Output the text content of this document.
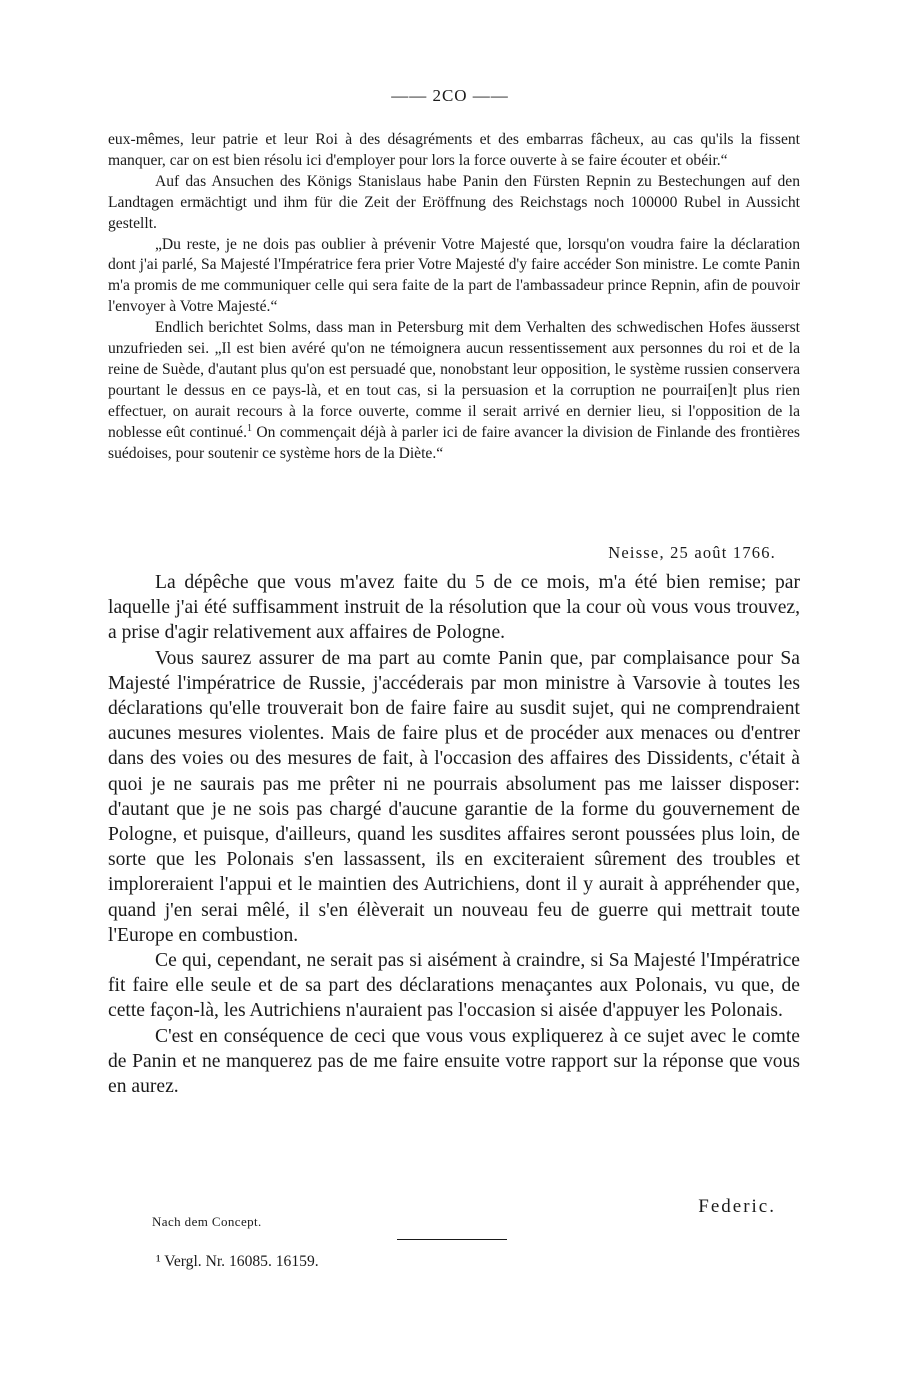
—— 2CO ——

eux-mêmes, leur patrie et leur Roi à des désagréments et des embarras fâcheux, au cas qu'ils la fissent manquer, car on est bien résolu ici d'employer pour lors la force ouverte à se faire écouter et obéir.“

Auf das Ansuchen des Königs Stanislaus habe Panin den Fürsten Repnin zu Bestechungen auf den Landtagen ermächtigt und ihm für die Zeit der Eröffnung des Reichstags noch 100000 Rubel in Aussicht gestellt.

„Du reste, je ne dois pas oublier à prévenir Votre Majesté que, lorsqu'on voudra faire la déclaration dont j'ai parlé, Sa Majesté l'Impératrice fera prier Votre Majesté d'y faire accéder Son ministre. Le comte Panin m'a promis de me communiquer celle qui sera faite de la part de l'ambassadeur prince Repnin, afin de pouvoir l'envoyer à Votre Majesté.“

Endlich berichtet Solms, dass man in Petersburg mit dem Verhalten des schwedischen Hofes äusserst unzufrieden sei. „Il est bien avéré qu'on ne témoignera aucun ressentissement aux personnes du roi et de la reine de Suède, d'autant plus qu'on est persuadé que, nonobstant leur opposition, le système russien conservera pourtant le dessus en ce pays-là, et en tout cas, si la persuasion et la corruption ne pourrai[en]t plus rien effectuer, on aurait recours à la force ouverte, comme il serait arrivé en dernier lieu, si l'opposition de la noblesse eût continué.$^1$ On commençait déjà à parler ici de faire avancer la division de Finlande des frontières suédoises, pour soutenir ce système hors de la Diète.“

Neisse, 25 août 1766.

La dépêche que vous m'avez faite du 5 de ce mois, m'a été bien remise; par laquelle j'ai été suffisamment instruit de la résolution que la cour où vous vous trouvez, a prise d'agir relativement aux affaires de Pologne.

Vous saurez assurer de ma part au comte Panin que, par complaisance pour Sa Majesté l'impératrice de Russie, j'accéderais par mon ministre à Varsovie à toutes les déclarations qu'elle trouverait bon de faire faire au susdit sujet, qui ne comprendraient aucunes mesures violentes. Mais de faire plus et de procéder aux menaces ou d'entrer dans des voies ou des mesures de fait, à l'occasion des affaires des Dissidents, c'était à quoi je ne saurais pas me prêter ni ne pourrais absolument pas me laisser disposer: d'autant que je ne sois pas chargé d'aucune garantie de la forme du gouvernement de Pologne, et puisque, d'ailleurs, quand les susdites affaires seront poussées plus loin, de sorte que les Polonais s'en lassassent, ils en exciteraient sûrement des troubles et imploreraient l'appui et le maintien des Autrichiens, dont il y aurait à appréhender que, quand j'en serai mêlé, il s'en élèverait un nouveau feu de guerre qui mettrait toute l'Europe en combustion.

Ce qui, cependant, ne serait pas si aisément à craindre, si Sa Majesté l'Impératrice fit faire elle seule et de sa part des déclarations menaçantes aux Polonais, vu que, de cette façon-là, les Autrichiens n'auraient pas l'occasion si aisée d'appuyer les Polonais.

C'est en conséquence de ceci que vous vous expliquerez à ce sujet avec le comte de Panin et ne manquerez pas de me faire ensuite votre rapport sur la réponse que vous en aurez.

Federic.
Nach dem Concept.
¹ Vergl. Nr. 16085. 16159.
